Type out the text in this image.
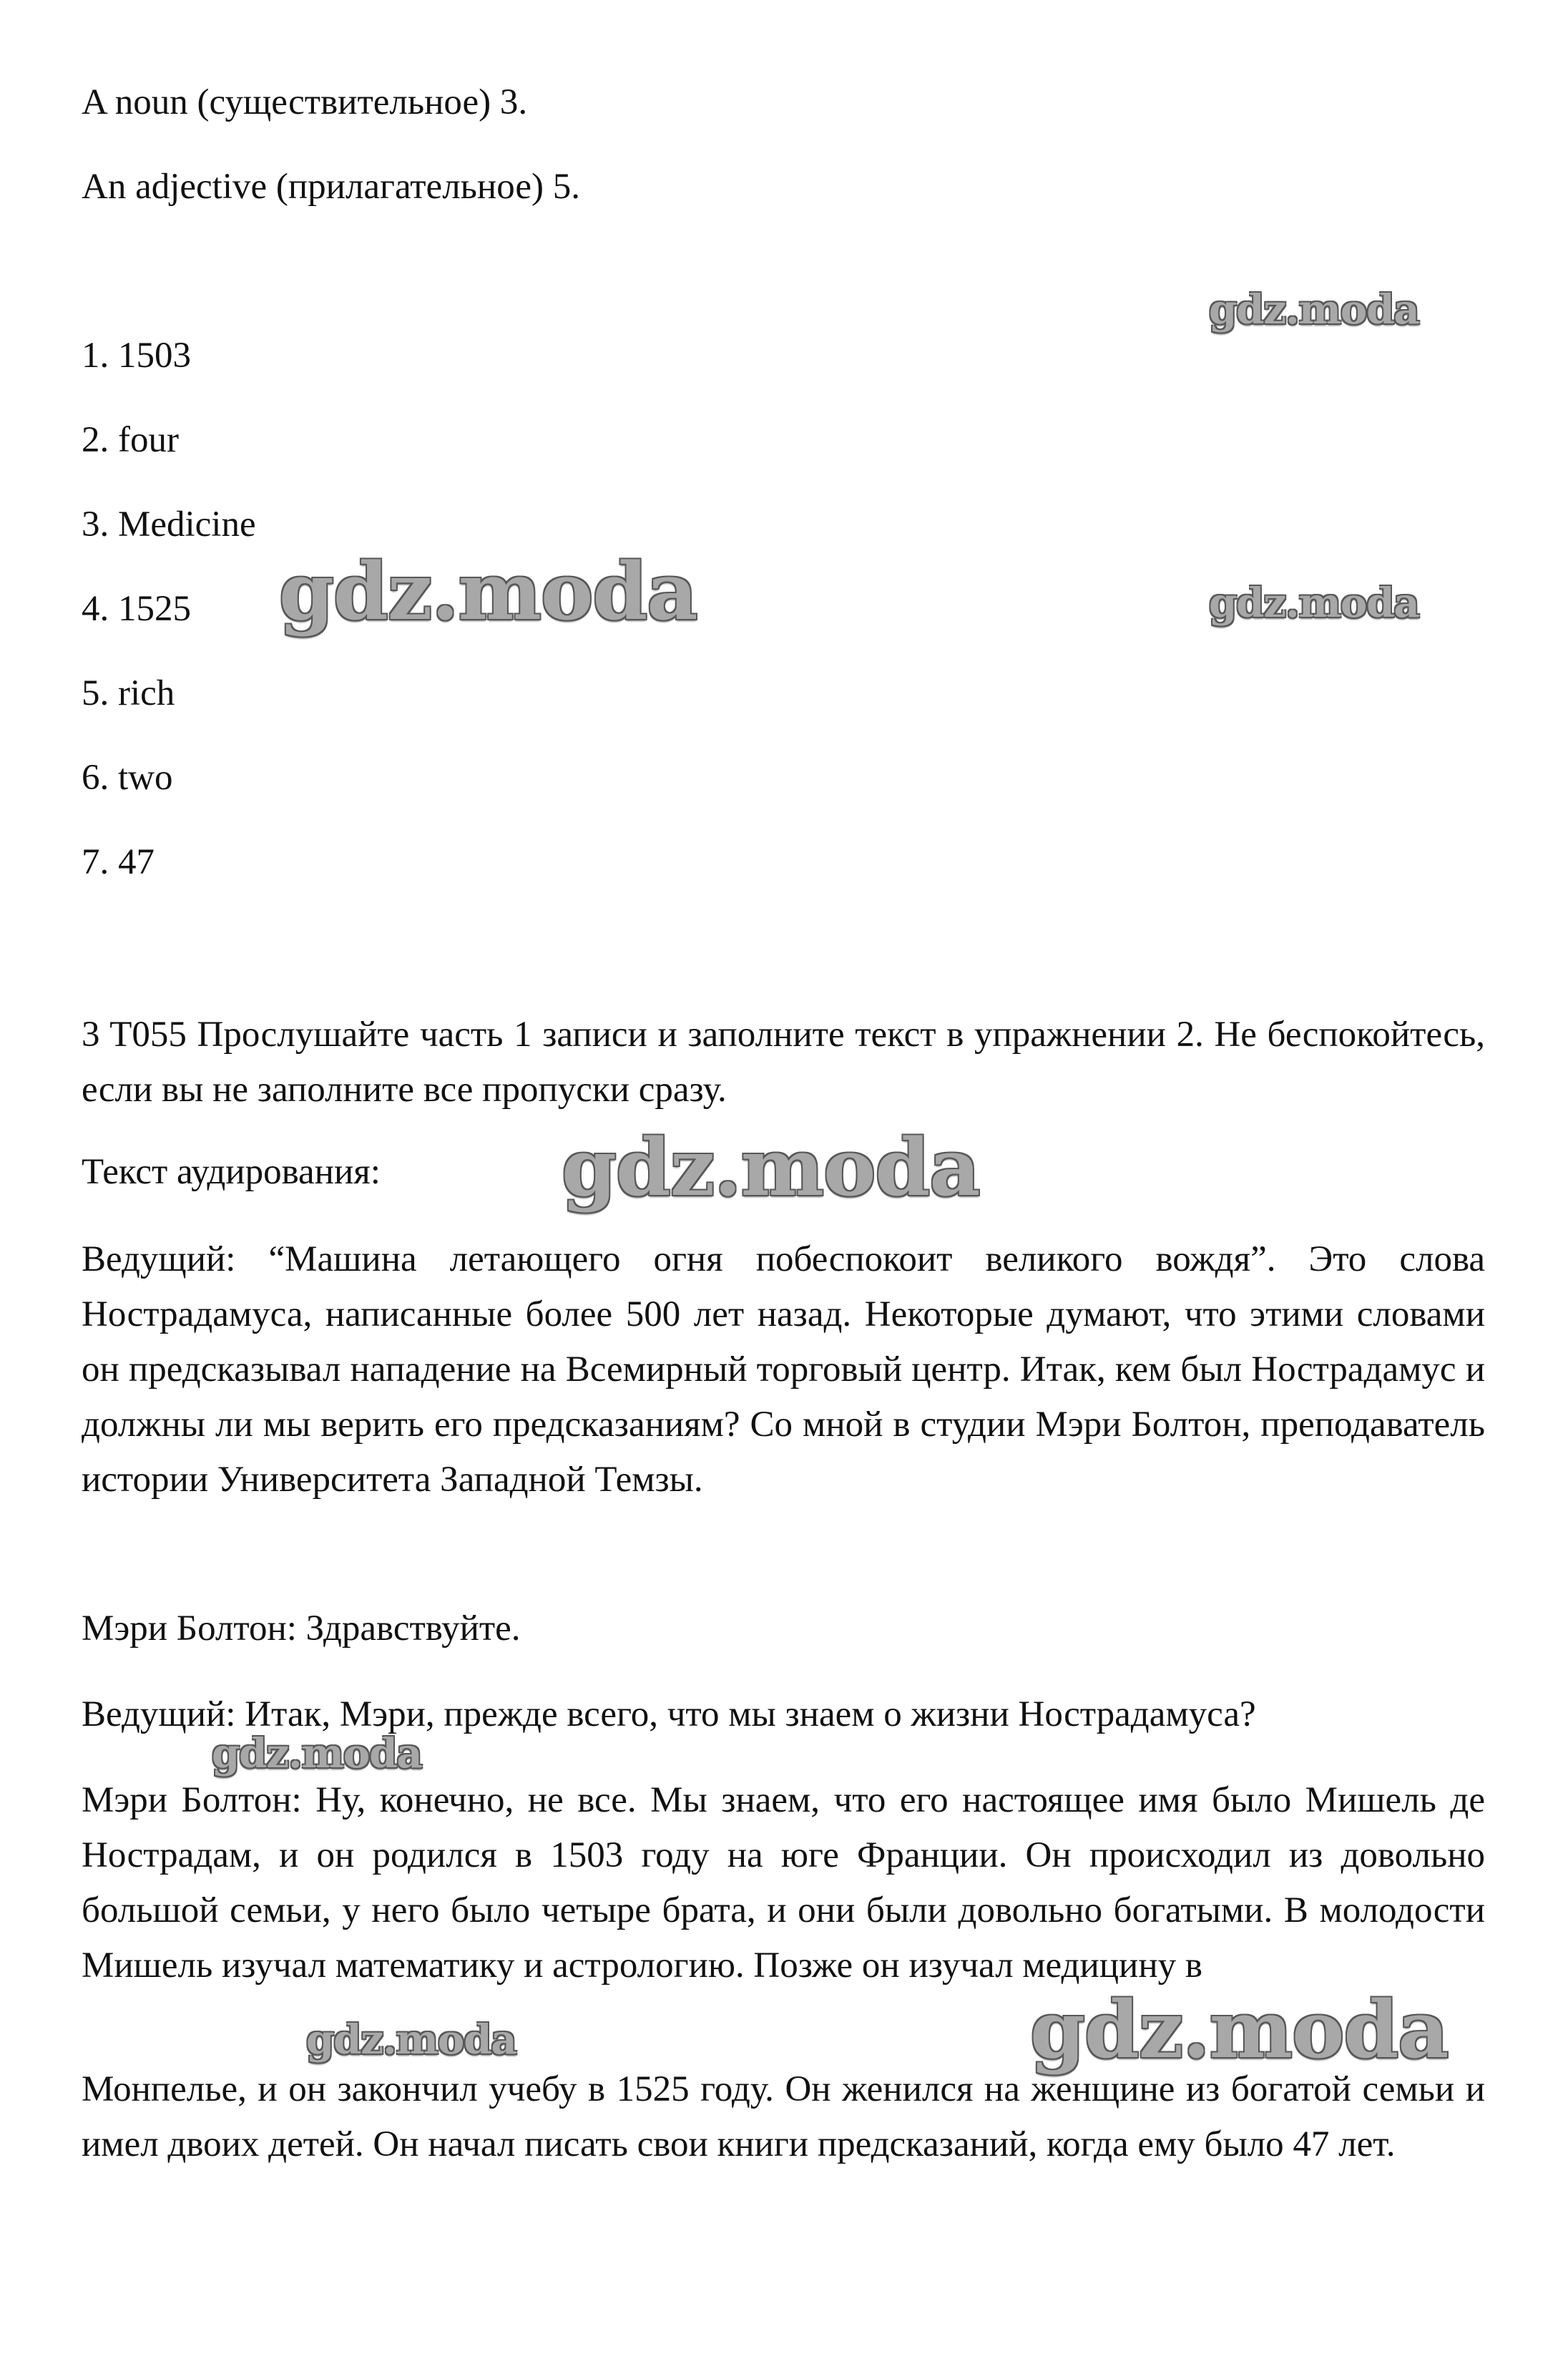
A noun (существительное) 3.
An adjective (прилагательное) 5.
1. 1503
2. four
3. Medicine
4. 1525
5. rich
6. two
7. 47
3 T055 Прослушайте часть 1 записи и заполните текст в упражнении 2. Не беспокойтесь, если вы не заполните все пропуски сразу.
Текст аудирования:
Ведущий: “Машина летающего огня побеспокоит великого вождя”. Это слова Нострадамуса, написанные более 500 лет назад. Некоторые думают, что этими словами он предсказывал нападение на Всемирный торговый центр. Итак, кем был Нострадамус и должны ли мы верить его предсказаниям? Со мной в студии Мэри Болтон, преподаватель истории Университета Западной Темзы.
Мэри Болтон: Здравствуйте.
Ведущий: Итак, Мэри, прежде всего, что мы знаем о жизни Нострадамуса?
Мэри Болтон: Ну, конечно, не все. Мы знаем, что его настоящее имя было Мишель де Нострадам, и он родился в 1503 году на юге Франции. Он происходил из довольно большой семьи, у него было четыре брата, и они были довольно богатыми. В молодости Мишель изучал математику и астрологию. Позже он изучал медицину в
Монпелье, и он закончил учебу в 1525 году. Он женился на женщине из богатой семьи и имел двоих детей. Он начал писать свои книги предсказаний, когда ему было 47 лет.
gdz.moda
gdz.moda	gdz.moda
gdz.moda
gdz.moda
gdz.moda	gdz.moda
